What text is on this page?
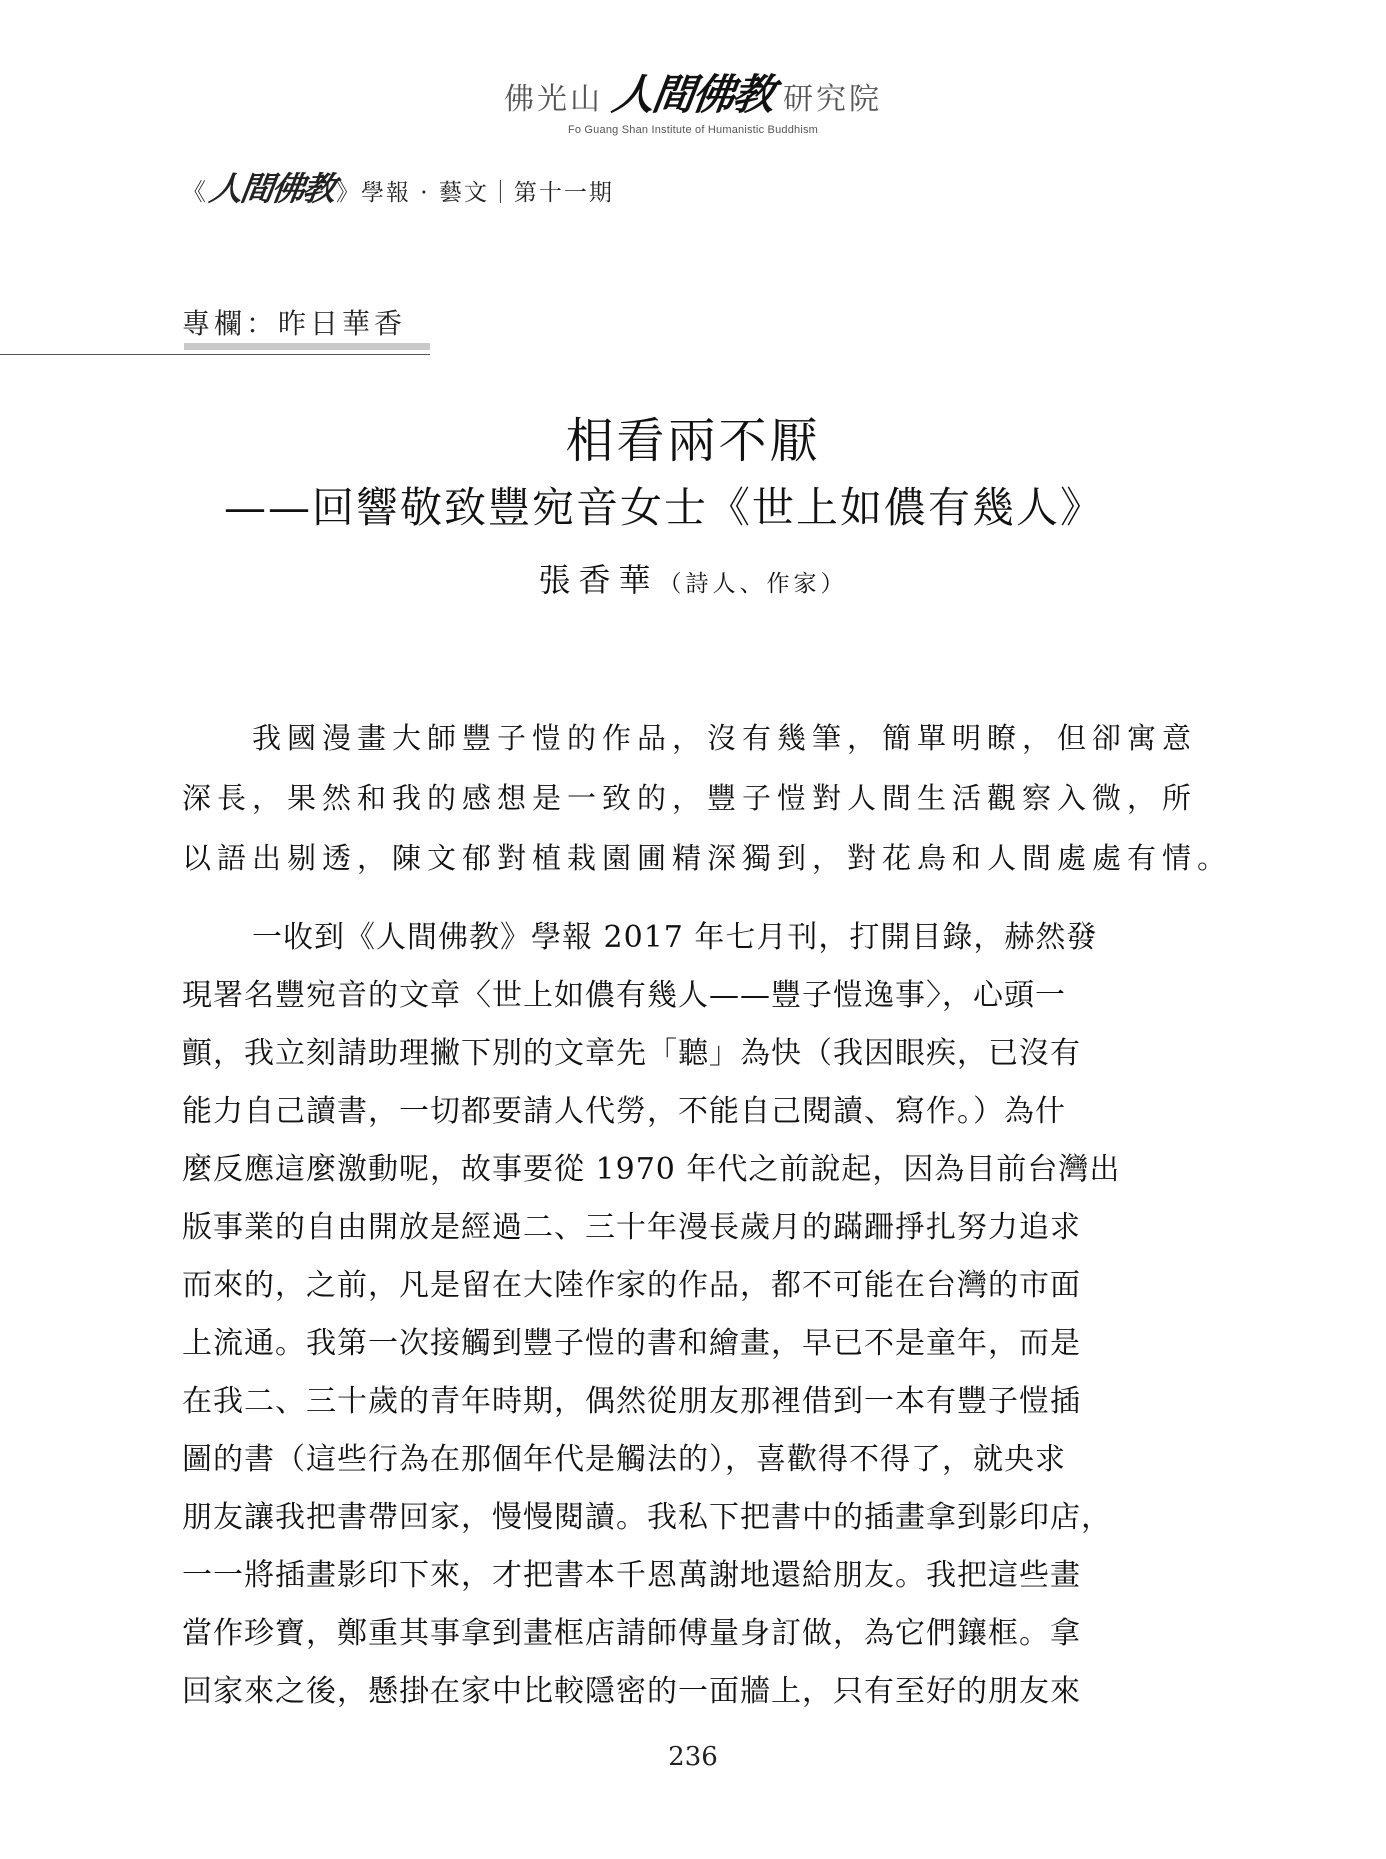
佛光山 人間佛教 研究院
Fo Guang Shan Institute of Humanistic Buddhism
《
人間佛教 》學報 · 藝文｜第十一期
專欄：昨日華香
相看兩不厭
——回響敬致豐宛音女士《世上如儂有幾人》
張香華（詩人、作家）
我國漫畫大師豐子愷的作品，沒有幾筆，簡單明瞭，但卻寓意
深長，果然和我的感想是一致的，豐子愷對人間生活觀察入微，所
以語出剔透，陳文郁對植栽園圃精深獨到，對花鳥和人間處處有情。
一收到《人間佛教》學報 2017 年七月刊，打開目錄，赫然發
現署名豐宛音的文章〈世上如儂有幾人——豐子愷逸事〉，心頭一
顫，我立刻請助理撇下別的文章先「聽」為快（我因眼疾，已沒有
能力自己讀書，一切都要請人代勞，不能自己閱讀、寫作。）為什
麼反應這麼激動呢，故事要從 1970 年代之前說起，因為目前台灣出
版事業的自由開放是經過二、三十年漫長歲月的蹣跚掙扎努力追求
而來的，之前，凡是留在大陸作家的作品，都不可能在台灣的市面
上流通。我第一次接觸到豐子愷的書和繪畫，早已不是童年，而是
在我二、三十歲的青年時期，偶然從朋友那裡借到一本有豐子愷插
圖的書（這些行為在那個年代是觸法的），喜歡得不得了，就央求
朋友讓我把書帶回家，慢慢閱讀。我私下把書中的插畫拿到影印店，
一一將插畫影印下來，才把書本千恩萬謝地還給朋友。我把這些畫
當作珍寶，鄭重其事拿到畫框店請師傅量身訂做，為它們鑲框。拿
回家來之後，懸掛在家中比較隱密的一面牆上，只有至好的朋友來
236
